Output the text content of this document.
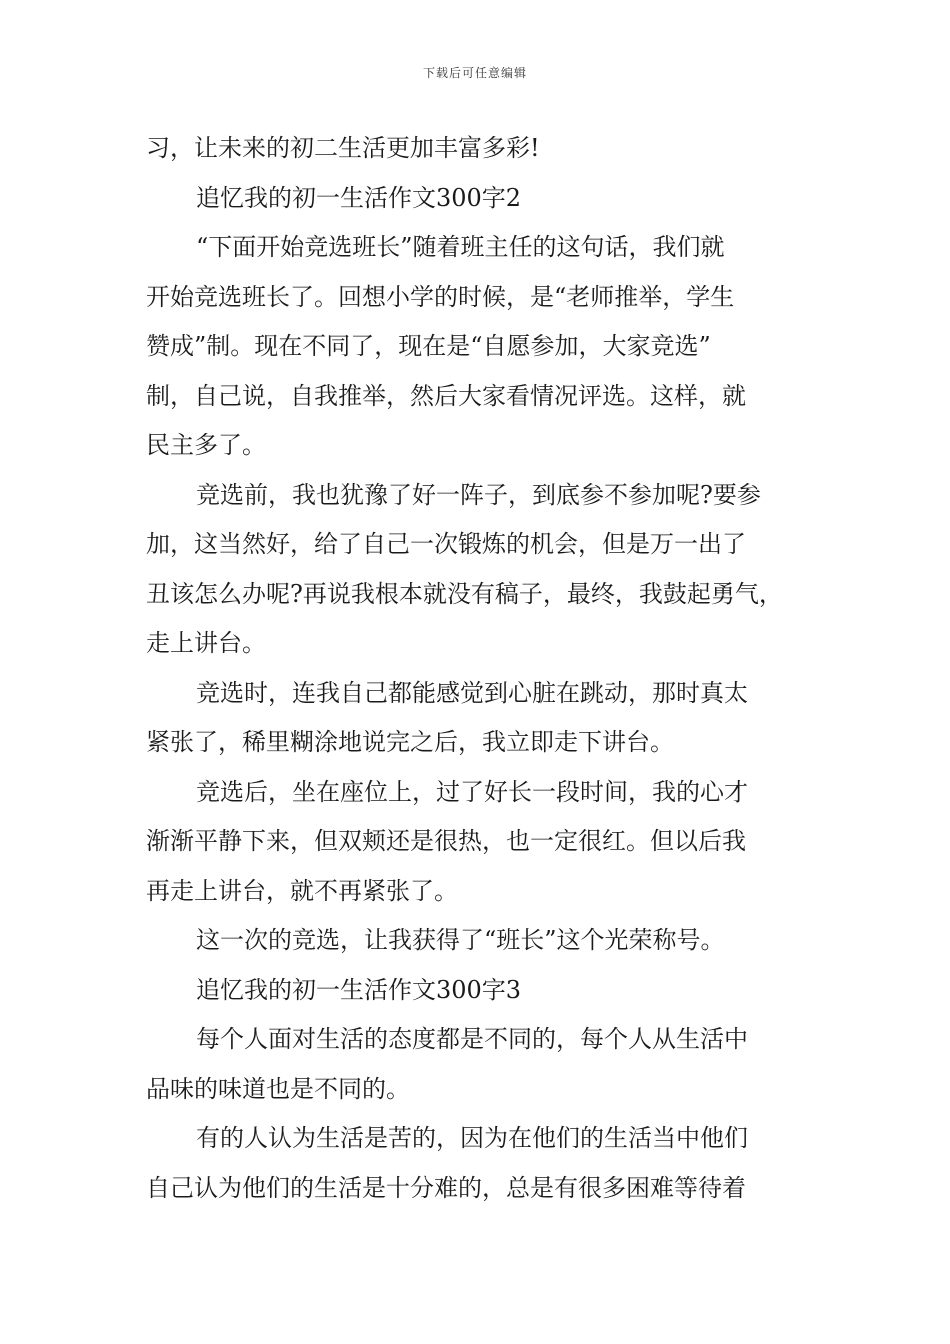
下载后可任意编辑
习，让未来的初二生活更加丰富多彩!
追忆我的初一生活作文300字2
“下面开始竞选班长”随着班主任的这句话，我们就
开始竞选班长了。回想小学的时候，是“老师推举，学生
赞成”制。现在不同了，现在是“自愿参加，大家竞选”
制，自己说，自我推举，然后大家看情况评选。这样，就
民主多了。
竞选前，我也犹豫了好一阵子，到底参不参加呢?要参
加，这当然好，给了自己一次锻炼的机会，但是万一出了
丑该怎么办呢?再说我根本就没有稿子，最终，我鼓起勇气，
走上讲台。
竞选时，连我自己都能感觉到心脏在跳动，那时真太
紧张了，稀里糊涂地说完之后，我立即走下讲台。
竞选后，坐在座位上，过了好长一段时间，我的心才
渐渐平静下来，但双颊还是很热，也一定很红。但以后我
再走上讲台，就不再紧张了。
这一次的竞选，让我获得了“班长”这个光荣称号。
追忆我的初一生活作文300字3
每个人面对生活的态度都是不同的，每个人从生活中
品味的味道也是不同的。
有的人认为生活是苦的，因为在他们的生活当中他们
自己认为他们的生活是十分难的，总是有很多困难等待着
